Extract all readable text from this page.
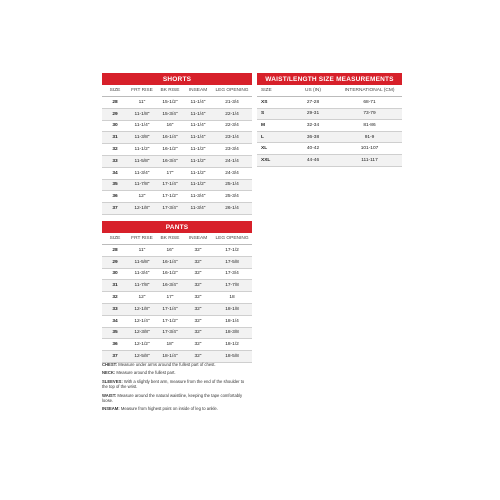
SHORTS				
SIZE	FRT RISE	BK RISE	INSEAM	LEG OPENING
28	11"	15-1/2"	11-1/4"	21-3/4
29	11-1/8"	15-3/4"	11-1/4"	22-1/4
30	11-1/4"	16"	11-1/4"	22-3/4
31	11-3/8"	16-1/4"	11-1/4"	23-1/4
32	11-1/2"	16-1/2"	11-1/2"	23-3/4
33	11-5/8"	16-3/4"	11-1/2"	24-1/4
34	11-3/4"	17"	11-1/2"	24-3/4
35	11-7/8"	17-1/4"	11-1/2"	25-1/4
36	12"	17-1/2"	11-3/4"	25-3/4
37	12-1/8"	17-3/4"	11-3/4"	26-1/4
WAIST/LENGTH SIZE MEASUREMENTS		
SIZE	US (IN)	INTERNATIONAL (CM)
XS	27-28	68-71
S	29-31	73-79
M	32-34	81-86
L	36-38	91-9
XL	40-42	101-107
XXL	44-46	111-117
PANTS				
SIZE	FRT RISE	BK RISE	INSEAM	LEG OPENING
28	11"	16"	32"	17-1/2
29	11-5/8"	16-1/4"	32"	17-5/8
30	11-3/4"	16-1/2"	32"	17-3/4
31	11-7/8"	16-3/4"	32"	17-7/8
32	12"	17"	32"	18
33	12-1/8"	17-1/4"	32"	18-1/8
34	12-1/4"	17-1/2"	32"	18-1/4
35	12-3/8"	17-3/4"	32"	18-3/8
36	12-1/2"	18"	32"	18-1/2
37	12-5/8"	18-1/4"	32"	18-5/8
CHEST: Measure under arms around the fullest part of chest.
NECK: Measure around the fullest part.
SLEEVES: With a slightly bent arm, measure from the end of the shoulder to the top of the wrist.
WAIST: Measure around the natural waistline, keeping the tape comfortably loose.
INSEAM: Measure from highest point on inside of leg to ankle.
